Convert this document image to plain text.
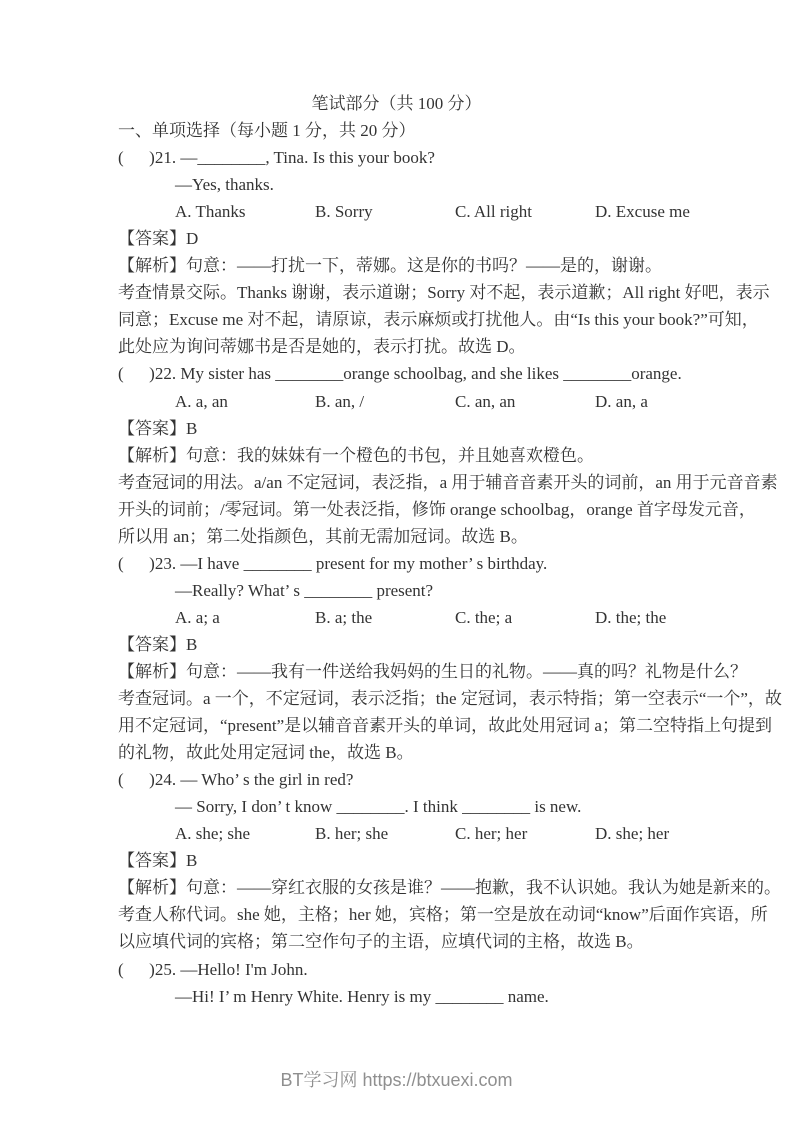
笔试部分（共 100 分）
一、单项选择（每小题 1 分，共 20 分）
(      )21. —________, Tina. Is this your book?
—Yes, thanks.
A. Thanks	B. Sorry	C. All right	D. Excuse me
【答案】D
【解析】句意：——打扰一下，蒂娜。这是你的书吗？——是的，谢谢。
考查情景交际。Thanks 谢谢，表示道谢；Sorry 对不起，表示道歉；All right 好吧，表示
同意；Excuse me 对不起，请原谅，表示麻烦或打扰他人。由“Is this your book?”可知，
此处应为询问蒂娜书是否是她的，表示打扰。故选 D。
(      )22. My sister has ________orange schoolbag, and she likes ________orange.
A. a, an	B. an, /	C. an, an	D. an, a
【答案】B
【解析】句意：我的妹妹有一个橙色的书包，并且她喜欢橙色。
考查冠词的用法。a/an 不定冠词，表泛指，a 用于辅音音素开头的词前，an 用于元音音素
开头的词前；/零冠词。第一处表泛指，修饰 orange schoolbag，orange 首字母发元音，
所以用 an；第二处指颜色，其前无需加冠词。故选 B。
(      )23. —I have ________ present for my mother’ s birthday.
—Really? What’ s ________ present?
A. a; a	B. a; the	C. the; a	D. the; the
【答案】B
【解析】句意：——我有一件送给我妈妈的生日的礼物。——真的吗？礼物是什么？
考查冠词。a 一个，不定冠词，表示泛指；the 定冠词，表示特指；第一空表示“一个”，故
用不定冠词，“present”是以辅音音素开头的单词，故此处用冠词 a；第二空特指上句提到
的礼物，故此处用定冠词 the，故选 B。
(      )24. — Who’ s the girl in red?
— Sorry, I don’ t know ________. I think ________ is new.
A. she; she	B. her; she	C. her; her	D. she; her
【答案】B
【解析】句意：——穿红衣服的女孩是谁？——抱歉，我不认识她。我认为她是新来的。
考查人称代词。she 她，主格；her 她，宾格；第一空是放在动词“know”后面作宾语，所
以应填代词的宾格；第二空作句子的主语，应填代词的主格，故选 B。
(      )25. —Hello! I'm John.
—Hi! I’ m Henry White. Henry is my ________ name.
BT学习网 https://btxuexi.com
